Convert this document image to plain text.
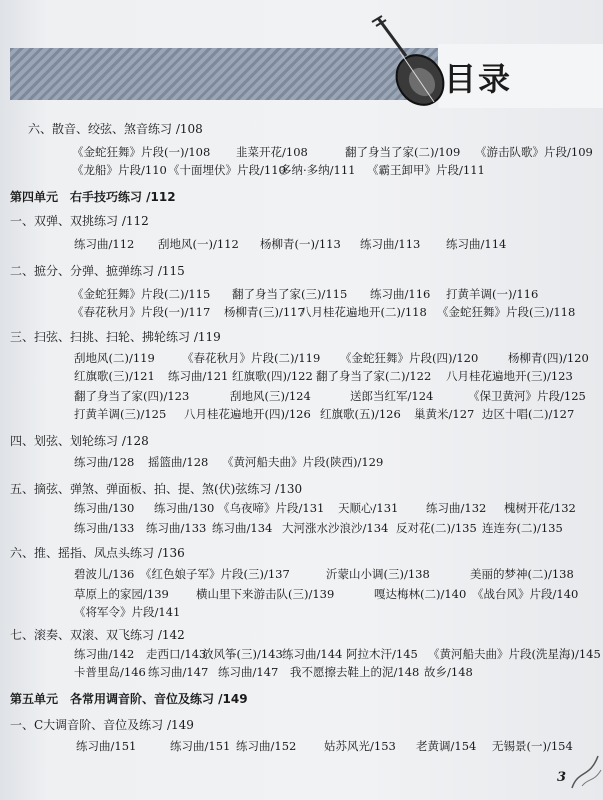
目录
六、散音、绞弦、煞音练习 /108
《金蛇狂舞》片段(一)/108 韭菜开花/108	翻了身当了家(二)/109 《游击队歌》片段/109
《龙船》片段/110 《十面埋伏》片段/110
多纳·多纳/111 《霸王卸甲》片段/111
第四单元　右手技巧练习 /112
一、双弹、双挑练习 /112
练习曲/112 刮地风(一)/112 杨柳青(一)/113 练习曲/113 练习曲/114
二、摭分、分弹、摭弹练习 /115
《金蛇狂舞》片段(二)/115 翻了身当了家(三)/115 练习曲/116 打黄羊调(一)/116
《春花秋月》片段(一)/117 杨柳青(三)/117
八月桂花遍地开(二)/118 《金蛇狂舞》片段(三)/118
三、扫弦、扫挑、扫轮、拂轮练习 /119
刮地风(二)/119 《春花秋月》片段(二)/119 《金蛇狂舞》片段(四)/120	杨柳青(四)/120
红旗歌(三)/121 练习曲/121 红旗歌(四)/122 翻了身当了家(二)/122 八月桂花遍地开(三)/123
翻了身当了家(四)/123	刮地风(三)/124	送郎当红军/124	《保卫黄河》片段/125
打黄羊调(三)/125 八月桂花遍地开(四)/126 红旗歌(五)/126 巢黄米/127 边区十唱(二)/127
四、划弦、划轮练习 /128
练习曲/128 摇篮曲/128 《黄河船夫曲》片段(陕西)/129
五、摘弦、弹煞、弹面板、拍、提、煞(伏)弦练习 /130
练习曲/130 练习曲/130 《乌夜啼》片段/131 天顺心/131 练习曲/132 槐树开花/132
练习曲/133 练习曲/133 练习曲/134 大河涨水沙浪沙/134 反对花(二)/135 连连夯(二)/135
六、推、摇指、凤点头练习 /136
碧波儿/136 《红色娘子军》片段(三)/137	沂蒙山小调(三)/138	美丽的梦神(二)/138
草原上的家园/139 横山里下来游击队(三)/139	嘎达梅林(二)/140 《战台风》片段/140
《将军令》片段/141
七、滚奏、双滚、双飞练习 /142
练习曲/142 走西口/143
放风筝(三)/143 练习曲/144 阿拉木汗/145 《黄河船夫曲》片段(洗星海)/145
卡普里岛/146 练习曲/147 练习曲/147 我不愿擦去鞋上的泥/148 故乡/148
第五单元　各常用调音阶、音位及练习 /149
一、C大调音阶、音位及练习 /149
练习曲/151	练习曲/151 练习曲/152 姑苏风光/153 老黄调/154 无锡景(一)/154
3
